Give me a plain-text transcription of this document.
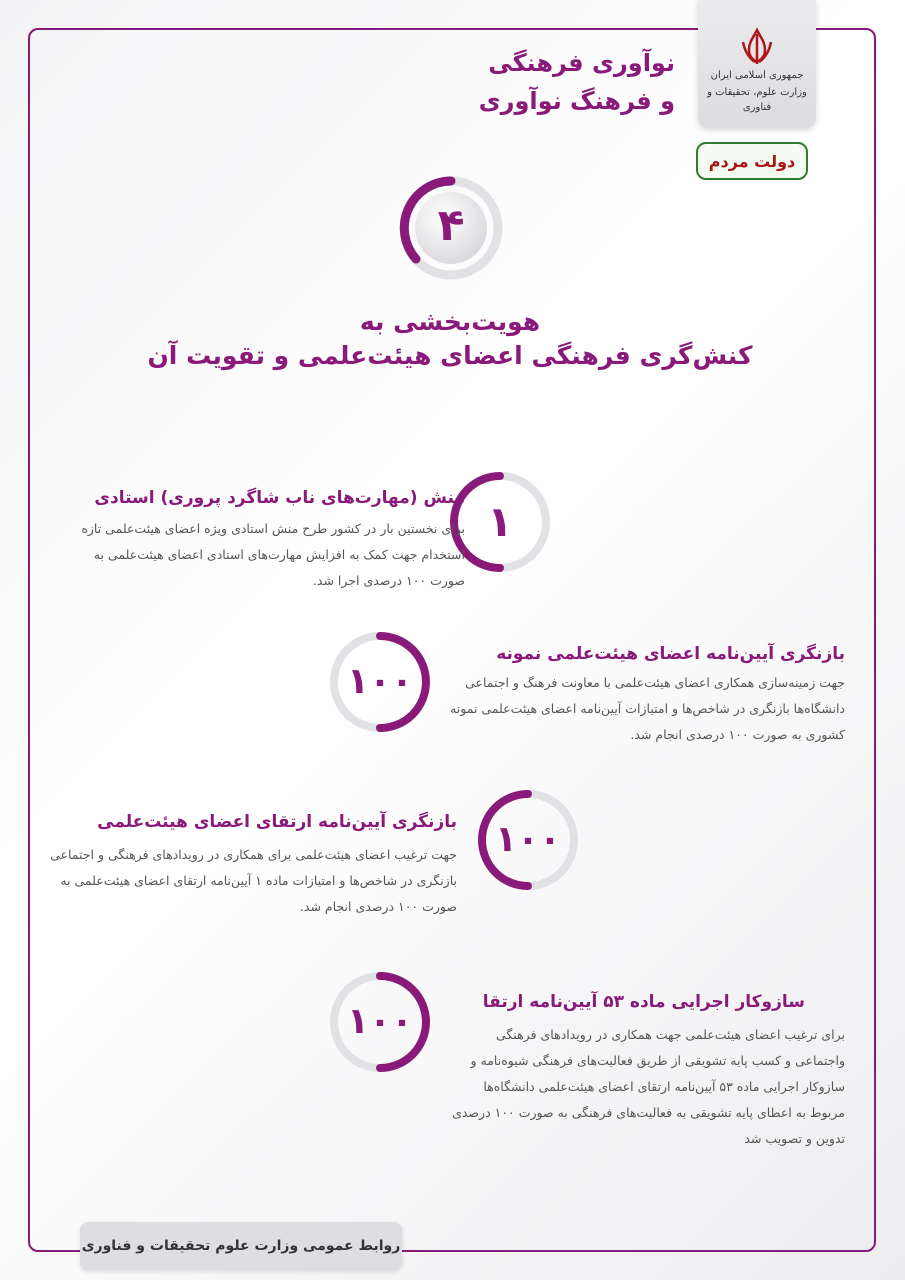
جمهوری اسلامی ایران
وزارت علوم، تحقیقات و فناوری
دولت مردم
نوآوری فرهنگی
و فرهنگ نوآوری
۴
هویت‌بخشی به
کنش‌گری فرهنگی اعضای هیئت‌علمی و تقویت آن
۱
منش (مهارت‌های ناب شاگرد پروری) استادی
برای نخستین بار در کشور طرح منش استادی ویژه اعضای هیئت‌علمی تازه استخدام جهت کمک به افزایش مهارت‌های استادی اعضای هیئت‌علمی به صورت ۱۰۰ درصدی اجرا شد.
۱۰۰
بازنگری آیین‌نامه اعضای هیئت‌علمی نمونه
جهت زمینه‌سازی همکاری اعضای هیئت‌علمی با معاونت فرهنگ و اجتماعی دانشگاه‌ها بازنگری در شاخص‌ها و امتیازات آیین‌نامه اعضای هیئت‌علمی نمونه کشوری به صورت ۱۰۰ درصدی انجام شد.
۱۰۰
بازنگری آیین‌نامه ارتقای اعضای هیئت‌علمی
جهت ترغیب اعضای هیئت‌علمی برای همکاری در رویدادهای فرهنگی و اجتماعی بازنگری در شاخص‌ها و امتیازات ماده ۱ آیین‌نامه ارتقای اعضای هیئت‌علمی به صورت ۱۰۰ درصدی انجام شد.
۱۰۰	سازوکار اجرایی ماده ۵۳ آیین‌نامه ارتقا
برای ترغیب اعضای هیئت‌علمی جهت همکاری در رویدادهای فرهنگی واجتماعی و کسب پایه تشویقی از طریق فعالیت‌های فرهنگی شیوه‌نامه و سازوکار اجرایی ماده ۵۳ آیین‌نامه ارتقای اعضای هیئت‌علمی دانشگاه‌ها مربوط به اعطای پایه تشویقی به فعالیت‌های فرهنگی به صورت ۱۰۰ درصدی تدوین و تصویب شد
روابط عمومی وزارت علوم تحقیقات و فناوری
